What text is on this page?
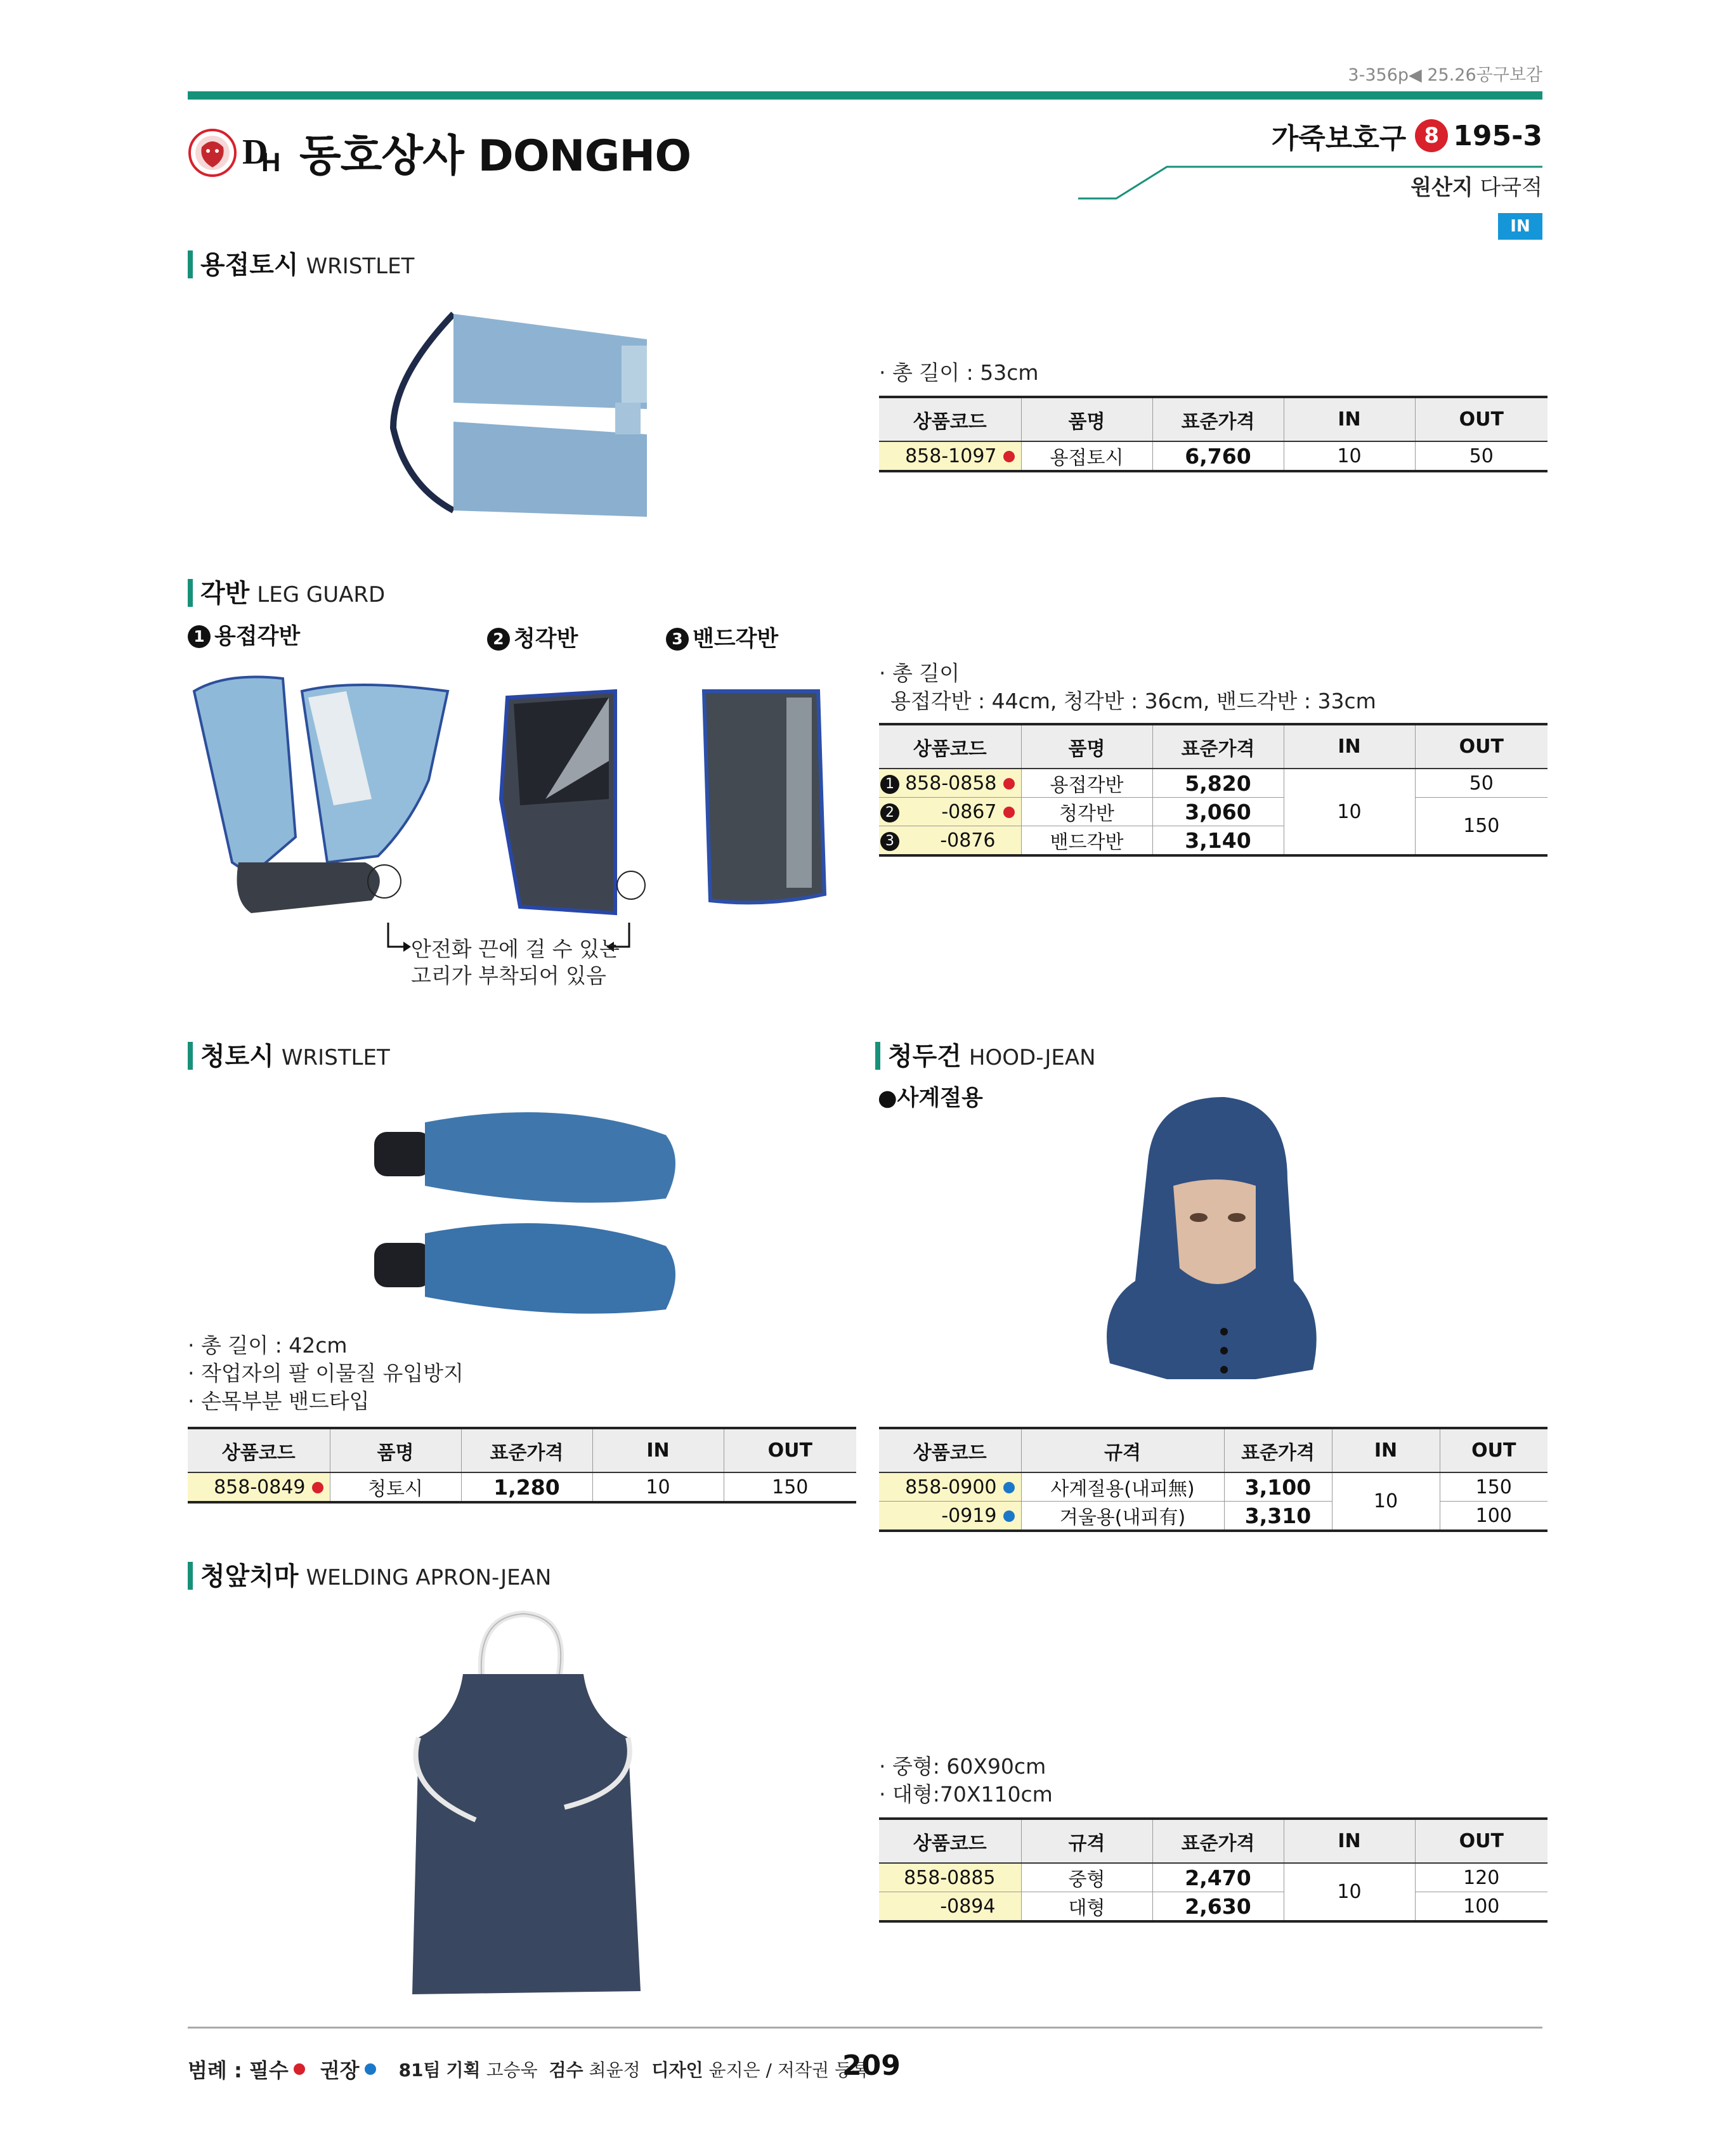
3-356p◀ 25.26공구보감
D
H 동호상사 DONGHO	가죽보호구 8 195-3
원산지 다국적
IN
용접토시 WRISTLET
· 총 길이 : 53cm
상품코드	품명	표준가격	IN	OUT
858-1097	용접토시	6,760	10	50
각반 LEG GUARD
1 용접각반	2 청각반	3 밴드각반
안전화 끈에 걸 수 있는
고리가 부착되어 있음
· 총 길이
용접각반 : 44cm, 청각반 : 36cm, 밴드각반 : 33cm
상품코드	품명	표준가격	IN	OUT

1 858-0858	용접각반	5,820	10	50

2 -0867	청각반	3,060		150

3 -0876	밴드각반	3,140		
청토시 WRISTLET
· 총 길이 : 42cm
· 작업자의 팔 이물질 유입방지
· 손목부분 밴드타입
상품코드	품명	표준가격	IN	OUT
858-0849	청토시	1,280	10	150
청두건 HOOD-JEAN
●사계절용
상품코드	규격	표준가격	IN	OUT
858-0900	사계절용(내피無)	3,100	10	150
-0919	겨울용(내피有)	3,310		100
청앞치마 WELDING APRON-JEAN
· 중형: 60X90cm
· 대형:70X110cm
상품코드	규격	표준가격	IN	OUT
858-0885	중형	2,470	10	120
-0894	대형	2,630		100
범례 : 필수 권장 81팀
기획
고승욱
검수
최윤정
디자인
윤지은 / 저작권 등록
209
